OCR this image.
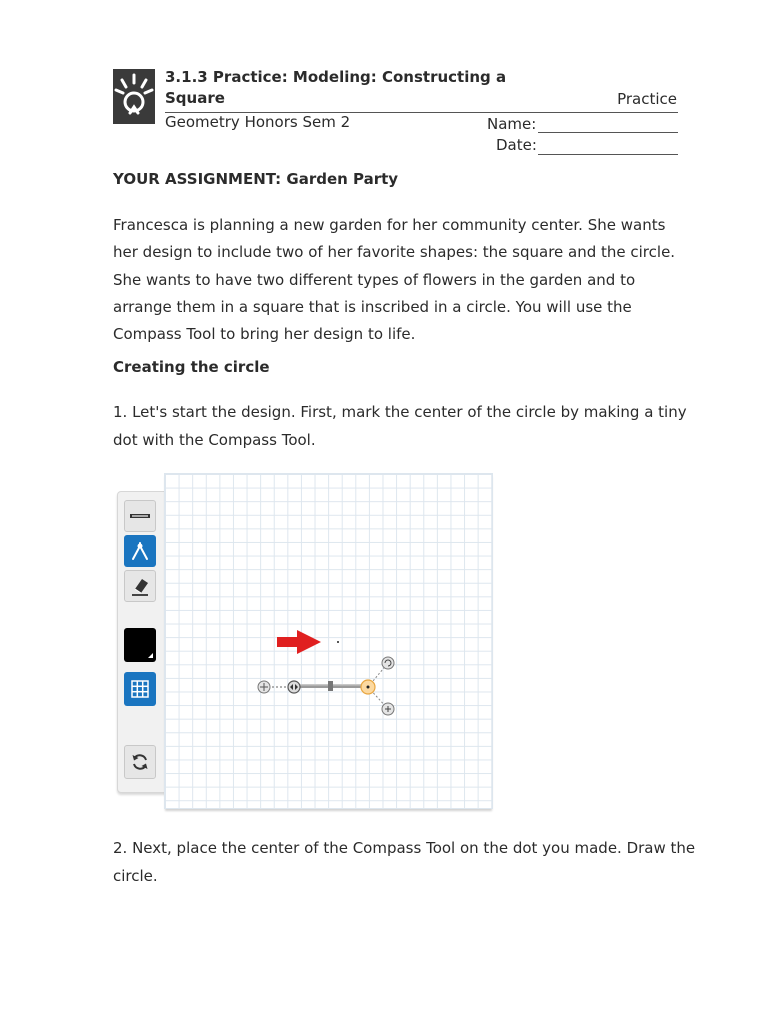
3.1.3 Practice: Modeling: Constructing a Square	Practice
Geometry Honors Sem 2	Name:
Date:
YOUR ASSIGNMENT: Garden Party
Francesca is planning a new garden for her community center. She wants her design to include two of her favorite shapes: the square and the circle. She wants to have two different types of flowers in the garden and to arrange them in a square that is inscribed in a circle. You will use the Compass Tool to bring her design to life.
Creating the circle
1. Let's start the design. First, mark the center of the circle by making a tiny dot with the Compass Tool.
2. Next, place the center of the Compass Tool on the dot you made. Draw the circle.
